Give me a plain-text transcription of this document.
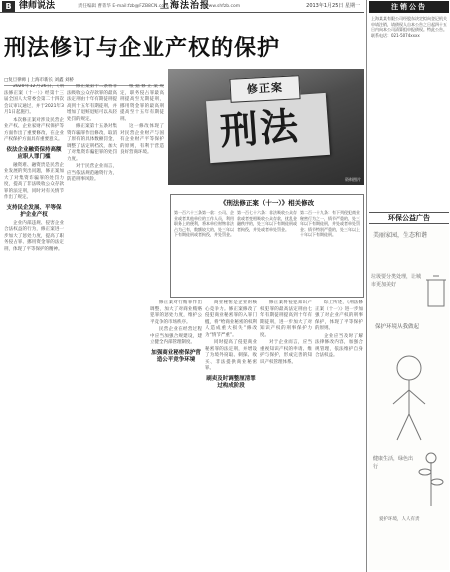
B 律师说法	责任编辑 曹菁华 E-mail:fzb@FZB8CN.com
上海法治报
www.shfzb.com	2013年1月25日 星期一
刑法修订与企业产权的保护
□复旦律师 | 上海市新长 刘鑫 刘桥
刑法
修正案
资料图片

2020年12月26日，《刑法修正案（十一）》经第十三届全国人大常委会第二十四次会议审议通过，并于2021年3月1日起施行。

本次修正案对涉及民营企业产权、企业家财产权保护等方面作出了重要修改，在企业产权保护方面具有重要意义。

依法企业融资保持高额应职人罪门槛

融资难、融资贵是民营企业发展的突出问题，修正案加大了对集资诈骗罪的处罚力度，提高了非法吸收公众存款罪的法定刑，同时对有关情节作出了规定。

支持民企发展、平等保护企业产权

企业内部违规、侵害企业合法权益的行为，修正案进一步加大了惩处力度，提高了职务侵占罪、挪用资金罪的法定刑，体现了平等保护的精神。

修正案第十二条将非法吸收公众存款罪的最高法定刑由十年有期徒刑提高到十五年有期徒刑，并增加了退赃退赔可以从轻处罚的规定。

修正案第十五条对集资诈骗罪作出修改，取消了原有的具体数额罚金，调整了法定刑档次，加大了对集资诈骗犯罪的处罚力度。

对于民营企业而言，应当依法规范融资行为，防范刑事风险。

根据修正案规定，职务侵占罪最高刑提高至无期徒刑，挪用资金罪的最高刑提高至十五年有期徒刑。

这一修改体现了对民营企业财产与国有企业财产平等保护的原则，有利于营造良好营商环境。

《刑法修正案（十一）》相关修改
第一百六十三条第一款：公司、企业或者其他单位的工作人员，利用职务上的便利，将本单位财物非法占为己有，数额较大的，处三年以下有期徒刑或者拘役，并处罚金。
第一百七十六条：非法吸收公众存款或者变相吸收公众存款，扰乱金融秩序的，处三年以下有期徒刑或者拘役，并处或者单处罚金。
第二百一十九条：有下列侵犯商业秘密行为之一，情节严重的，处三年以下有期徒刑，并处或者单处罚金；情节特别严重的，处三年以上十年以下有期徒刑。

修正案对行贿罪作出调整，加大了对商业贿赂犯罪的惩处力度，维护公平竞争的市场秩序。

民营企业在经营过程中应当加强合规建设，建立健全内部管理制度。

加强商业秘密保护营造公平竞争环境

商业秘密是企业的核心竞争力。修正案修改了侵犯商业秘密罪的入罪门槛，将“给商业秘密的权利人造成重大损失”修改为“情节严重”。

同时提高了侵犯商业秘密罪的法定刑，并增设了为境外窃取、刺探、收买、非法提供商业秘密罪。

刷卖及时调整厘清罪过构成阶段

修正案将侵犯知识产权犯罪的最高法定刑由七年有期徒刑提高到十年有期徒刑，进一步加大了对知识产权的刑事保护力度。

对于企业而言，应当重视知识产权的申请、维护与保护，形成完善的知识产权管理体系。

综上所述，《刑法修正案（十一）》进一步加强了对企业产权的刑事保护，体现了平等保护的原则。

企业应当及时了解法律修改内容，加强合规管理，依法维护自身合法权益。

注销公告
上海某某有限公司经股东决定拟向登记机关申请注销，请债权人自本公告之日起四十五日内向本公司清算组申报债权。特此公告。联系电话：021-5074xxxx
环保公益广告
美丽家园，生态和谐
垃圾要分类处理，让城市更加美好
保护环境从我做起
健康生活，绿色出行
爱护环境，人人有责
